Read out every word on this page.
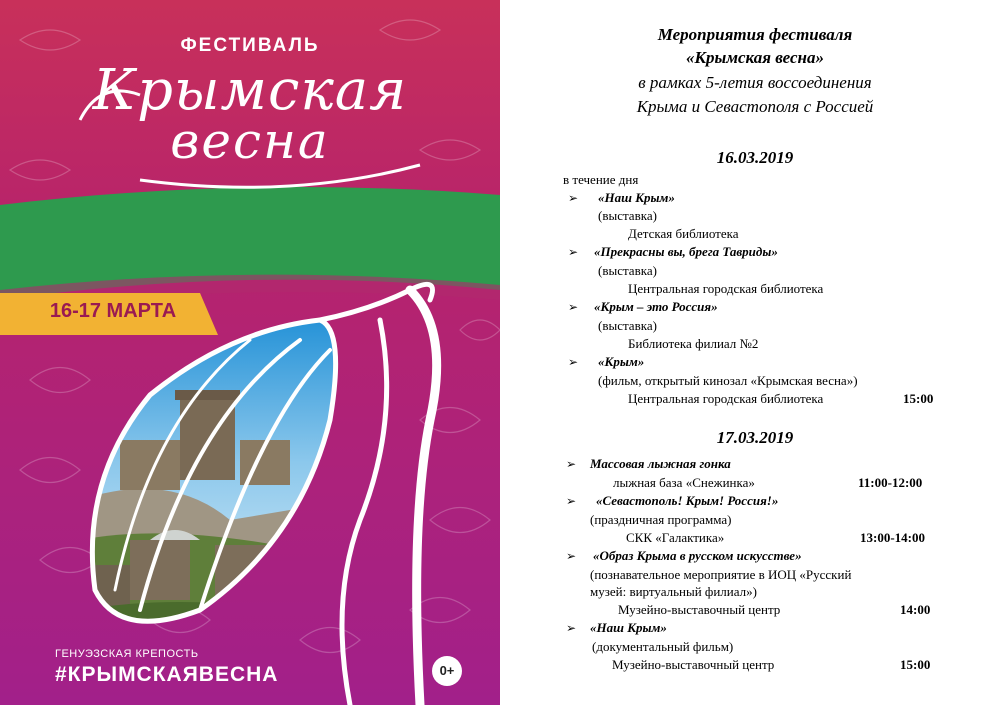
ФЕСТИВАЛЬ
Крымская
весна
16-17 МАРТА
ГЕНУЭЗСКАЯ КРЕПОСТЬ
#КРЫМСКАЯВЕСНА	0+
Мероприятия фестиваля
«Крымская весна»
в рамках 5-летия воссоединения
Крыма и Севастополя с Россией
16.03.2019
в течение дня
➢ «Наш Крым»
(выставка)
Детская библиотека
➢ «Прекрасны вы, брега Тавриды»
(выставка)
Центральная городская библиотека
➢ «Крым – это Россия»
(выставка)
Библиотека филиал №2
➢ «Крым»
(фильм, открытый кинозал «Крымская весна»)
Центральная городская библиотека	15:00
17.03.2019
➢ Массовая лыжная гонка
лыжная база «Снежинка»	11:00-12:00
➢ «Севастополь! Крым! Россия!»
(праздничная программа)
СКК «Галактика»	13:00-14:00
➢ «Образ Крыма в русском искусстве»
(познавательное мероприятие в ИОЦ «Русский
музей: виртуальный филиал»)
Музейно-выставочный центр	14:00
➢ «Наш Крым»
(документальный фильм)
Музейно-выставочный центр	15:00
